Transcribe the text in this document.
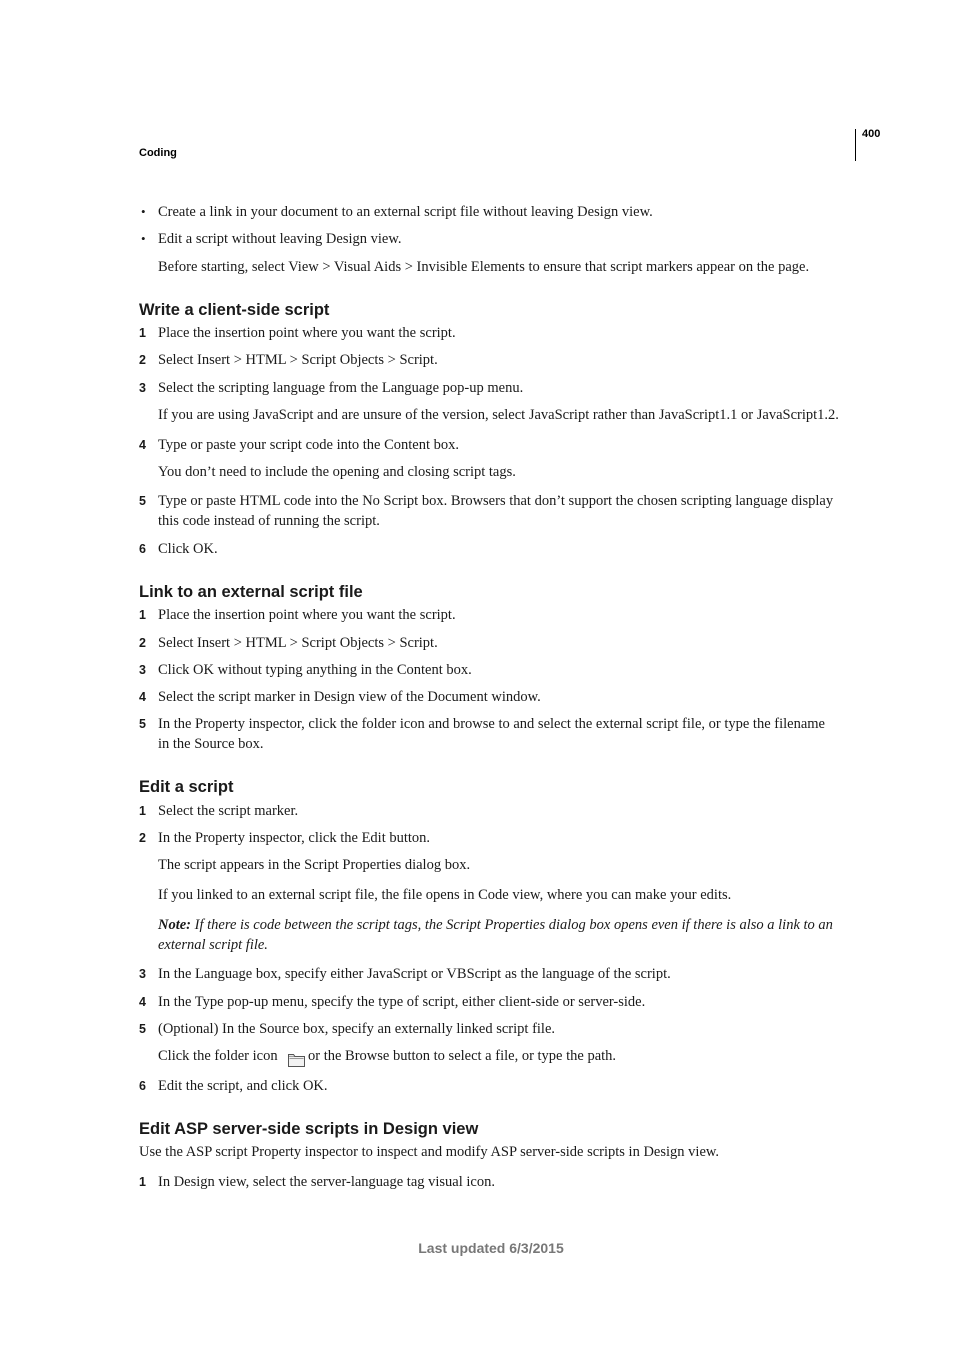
400
Coding
• Create a link in your document to an external script file without leaving Design view.
• Edit a script without leaving Design view.
Before starting, select View > Visual Aids > Invisible Elements to ensure that script markers appear on the page.
Write a client-side script
1 Place the insertion point where you want the script.
2 Select Insert > HTML > Script Objects > Script.
3 Select the scripting language from the Language pop-up menu.
If you are using JavaScript and are unsure of the version, select JavaScript rather than JavaScript1.1 or JavaScript1.2.
4 Type or paste your script code into the Content box.
You don’t need to include the opening and closing script tags.
5 Type or paste HTML code into the No Script box. Browsers that don’t support the chosen scripting language display
this code instead of running the script.
6 Click OK.
Link to an external script file
1 Place the insertion point where you want the script.
2 Select Insert > HTML > Script Objects > Script.
3 Click OK without typing anything in the Content box.
4 Select the script marker in Design view of the Document window.
5 In the Property inspector, click the folder icon and browse to and select the external script file, or type the filename
in the Source box.
Edit a script
1 Select the script marker.
2 In the Property inspector, click the Edit button.
The script appears in the Script Properties dialog box.
If you linked to an external script file, the file opens in Code view, where you can make your edits.
Note: If there is code between the script tags, the Script Properties dialog box opens even if there is also a link to an
external script file.
3 In the Language box, specify either JavaScript or VBScript as the language of the script.
4 In the Type pop-up menu, specify the type of script, either client-side or server-side.
5 (Optional) In the Source box, specify an externally linked script file.
Click the folder icon or the Browse button to select a file, or type the path.
6 Edit the script, and click OK.
Edit ASP server-side scripts in Design view
Use the ASP script Property inspector to inspect and modify ASP server-side scripts in Design view.
1 In Design view, select the server-language tag visual icon.
Last updated 6/3/2015
